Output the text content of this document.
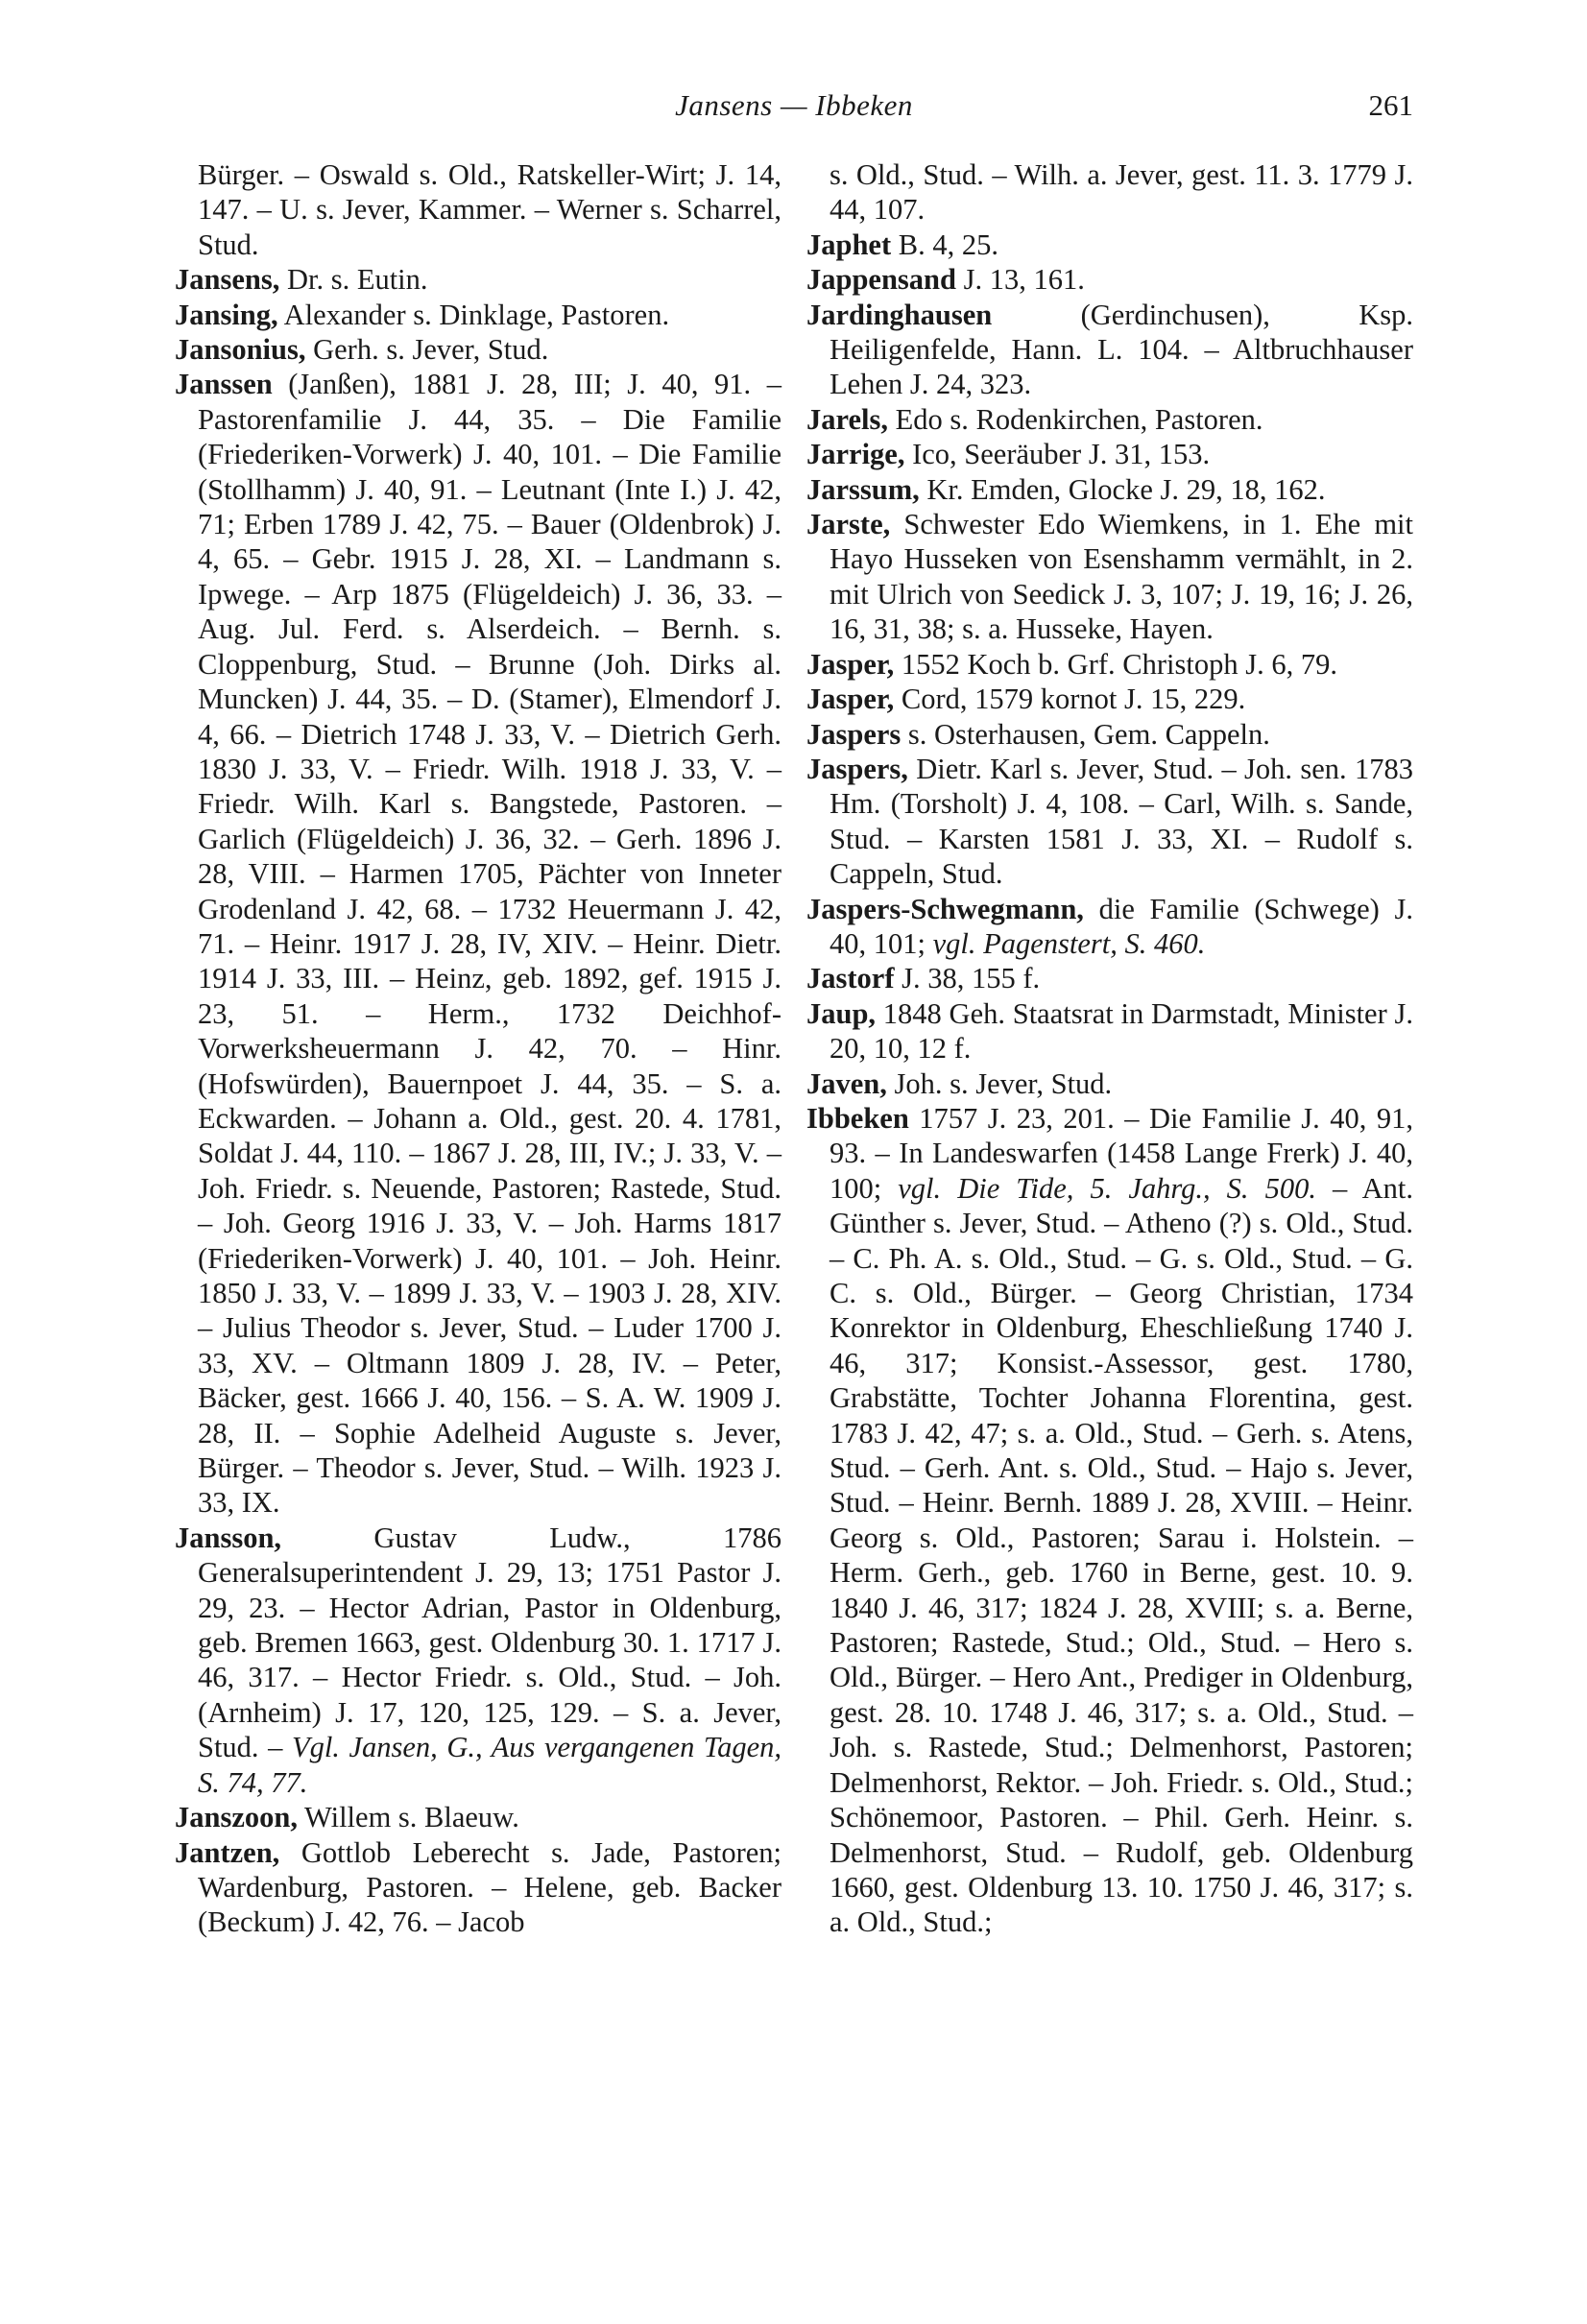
Jansens — Ibbeken	261

Bürger. – Oswald s. Old., Ratskeller-Wirt; J. 14, 147. – U. s. Jever, Kammer. – Werner s. Scharrel, Stud.

Jansens, Dr. s. Eutin.

Jansing, Alexander s. Dinklage, Pastoren.

Jansonius, Gerh. s. Jever, Stud.

Janssen (Janßen), 1881 J. 28, III; J. 40, 91. – Pastorenfamilie J. 44, 35. – Die Familie (Friederiken-Vorwerk) J. 40, 101. – Die Familie (Stollhamm) J. 40, 91. – Leutnant (Inte I.) J. 42, 71; Erben 1789 J. 42, 75. – Bauer (Oldenbrok) J. 4, 65. – Gebr. 1915 J. 28, XI. – Landmann s. Ipwege. – Arp 1875 (Flügeldeich) J. 36, 33. – Aug. Jul. Ferd. s. Alserdeich. – Bernh. s. Cloppenburg, Stud. – Brunne (Joh. Dirks al. Muncken) J. 44, 35. – D. (Stamer), Elmendorf J. 4, 66. – Dietrich 1748 J. 33, V. – Dietrich Gerh. 1830 J. 33, V. – Friedr. Wilh. 1918 J. 33, V. – Friedr. Wilh. Karl s. Bangstede, Pastoren. – Garlich (Flügeldeich) J. 36, 32. – Gerh. 1896 J. 28, VIII. – Harmen 1705, Pächter von Inneter Grodenland J. 42, 68. – 1732 Heuermann J. 42, 71. – Heinr. 1917 J. 28, IV, XIV. – Heinr. Dietr. 1914 J. 33, III. – Heinz, geb. 1892, gef. 1915 J. 23, 51. – Herm., 1732 Deichhof-Vorwerksheuermann J. 42, 70. – Hinr. (Hofswürden), Bauernpoet J. 44, 35. – S. a. Eckwarden. – Johann a. Old., gest. 20. 4. 1781, Soldat J. 44, 110. – 1867 J. 28, III, IV.; J. 33, V. – Joh. Friedr. s. Neuende, Pastoren; Rastede, Stud. – Joh. Georg 1916 J. 33, V. – Joh. Harms 1817 (Friederiken-Vorwerk) J. 40, 101. – Joh. Heinr. 1850 J. 33, V. – 1899 J. 33, V. – 1903 J. 28, XIV. – Julius Theodor s. Jever, Stud. – Luder 1700 J. 33, XV. – Oltmann 1809 J. 28, IV. – Peter, Bäcker, gest. 1666 J. 40, 156. – S. A. W. 1909 J. 28, II. – Sophie Adelheid Auguste s. Jever, Bürger. – Theodor s. Jever, Stud. – Wilh. 1923 J. 33, IX.

Jansson, Gustav Ludw., 1786 Generalsuperintendent J. 29, 13; 1751 Pastor J. 29, 23. – Hector Adrian, Pastor in Oldenburg, geb. Bremen 1663, gest. Oldenburg 30. 1. 1717 J. 46, 317. – Hector Friedr. s. Old., Stud. – Joh. (Arnheim) J. 17, 120, 125, 129. – S. a. Jever, Stud. – Vgl. Jansen, G., Aus vergangenen Tagen, S. 74, 77.

Janszoon, Willem s. Blaeuw.

Jantzen, Gottlob Leberecht s. Jade, Pastoren; Wardenburg, Pastoren. – Helene, geb. Backer (Beckum) J. 42, 76. – Jacob

s. Old., Stud. – Wilh. a. Jever, gest. 11. 3. 1779 J. 44, 107.

Japhet B. 4, 25.

Jappensand J. 13, 161.

Jardinghausen (Gerdinchusen), Ksp. Heiligenfelde, Hann. L. 104. – Altbruchhauser Lehen J. 24, 323.

Jarels, Edo s. Rodenkirchen, Pastoren.

Jarrige, Ico, Seeräuber J. 31, 153.

Jarssum, Kr. Emden, Glocke J. 29, 18, 162.

Jarste, Schwester Edo Wiemkens, in 1. Ehe mit Hayo Husseken von Esenshamm vermählt, in 2. mit Ulrich von Seedick J. 3, 107; J. 19, 16; J. 26, 16, 31, 38; s. a. Husseke, Hayen.

Jasper, 1552 Koch b. Grf. Christoph J. 6, 79.

Jasper, Cord, 1579 kornot J. 15, 229.

Jaspers s. Osterhausen, Gem. Cappeln.

Jaspers, Dietr. Karl s. Jever, Stud. – Joh. sen. 1783 Hm. (Torsholt) J. 4, 108. – Carl, Wilh. s. Sande, Stud. – Karsten 1581 J. 33, XI. – Rudolf s. Cappeln, Stud.

Jaspers-Schwegmann, die Familie (Schwege) J. 40, 101; vgl. Pagenstert, S. 460.

Jastorf J. 38, 155 f.

Jaup, 1848 Geh. Staatsrat in Darmstadt, Minister J. 20, 10, 12 f.

Javen, Joh. s. Jever, Stud.

Ibbeken 1757 J. 23, 201. – Die Familie J. 40, 91, 93. – In Landeswarfen (1458 Lange Frerk) J. 40, 100; vgl. Die Tide, 5. Jahrg., S. 500. – Ant. Günther s. Jever, Stud. – Atheno (?) s. Old., Stud. – C. Ph. A. s. Old., Stud. – G. s. Old., Stud. – G. C. s. Old., Bürger. – Georg Christian, 1734 Konrektor in Oldenburg, Eheschließung 1740 J. 46, 317; Konsist.-Assessor, gest. 1780, Grabstätte, Tochter Johanna Florentina, gest. 1783 J. 42, 47; s. a. Old., Stud. – Gerh. s. Atens, Stud. – Gerh. Ant. s. Old., Stud. – Hajo s. Jever, Stud. – Heinr. Bernh. 1889 J. 28, XVIII. – Heinr. Georg s. Old., Pastoren; Sarau i. Holstein. – Herm. Gerh., geb. 1760 in Berne, gest. 10. 9. 1840 J. 46, 317; 1824 J. 28, XVIII; s. a. Berne, Pastoren; Rastede, Stud.; Old., Stud. – Hero s. Old., Bürger. – Hero Ant., Prediger in Oldenburg, gest. 28. 10. 1748 J. 46, 317; s. a. Old., Stud. – Joh. s. Rastede, Stud.; Delmenhorst, Pastoren; Delmenhorst, Rektor. – Joh. Friedr. s. Old., Stud.; Schönemoor, Pastoren. – Phil. Gerh. Heinr. s. Delmenhorst, Stud. – Rudolf, geb. Oldenburg 1660, gest. Oldenburg 13. 10. 1750 J. 46, 317; s. a. Old., Stud.;
